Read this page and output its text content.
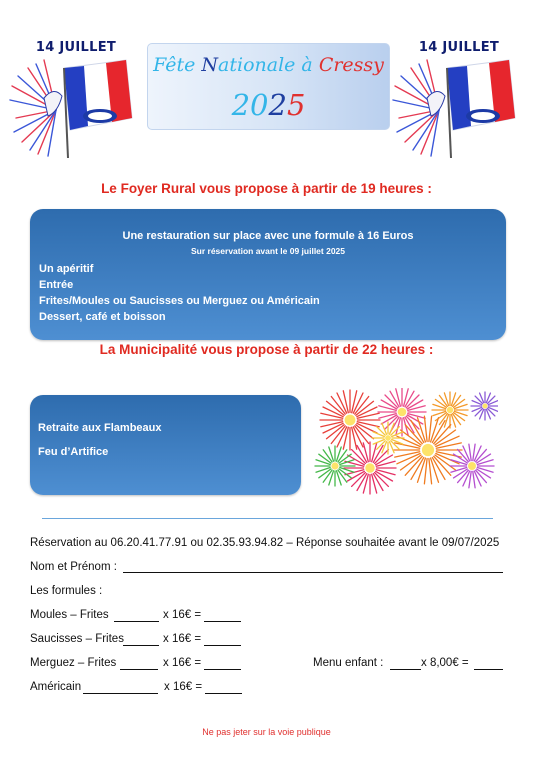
14 JUILLET
Fête Nationale à Cressy
2025
14 JUILLET
Le Foyer Rural vous propose à partir de 19 heures :
Une restauration sur place avec une formule à 16 Euros
Sur réservation avant le 09 juillet 2025
Un apéritif
Entrée
Frites/Moules ou Saucisses ou Merguez ou Américain
Dessert, café et boisson
La Municipalité vous propose à partir de 22 heures :
Retraite aux Flambeaux
Feu d’Artifice
Réservation au 06.20.41.77.91 ou 02.35.93.94.82 – Réponse souhaitée avant le 09/07/2025
Nom et Prénom :
Les formules :
Moules – Frites	x 16€ =
Saucisses – Frites	x 16€ =
Merguez – Frites	x 16€ =	Menu enfant :	x 8,00€ =
Américain	x 16€ =
Ne pas jeter sur la voie publique
